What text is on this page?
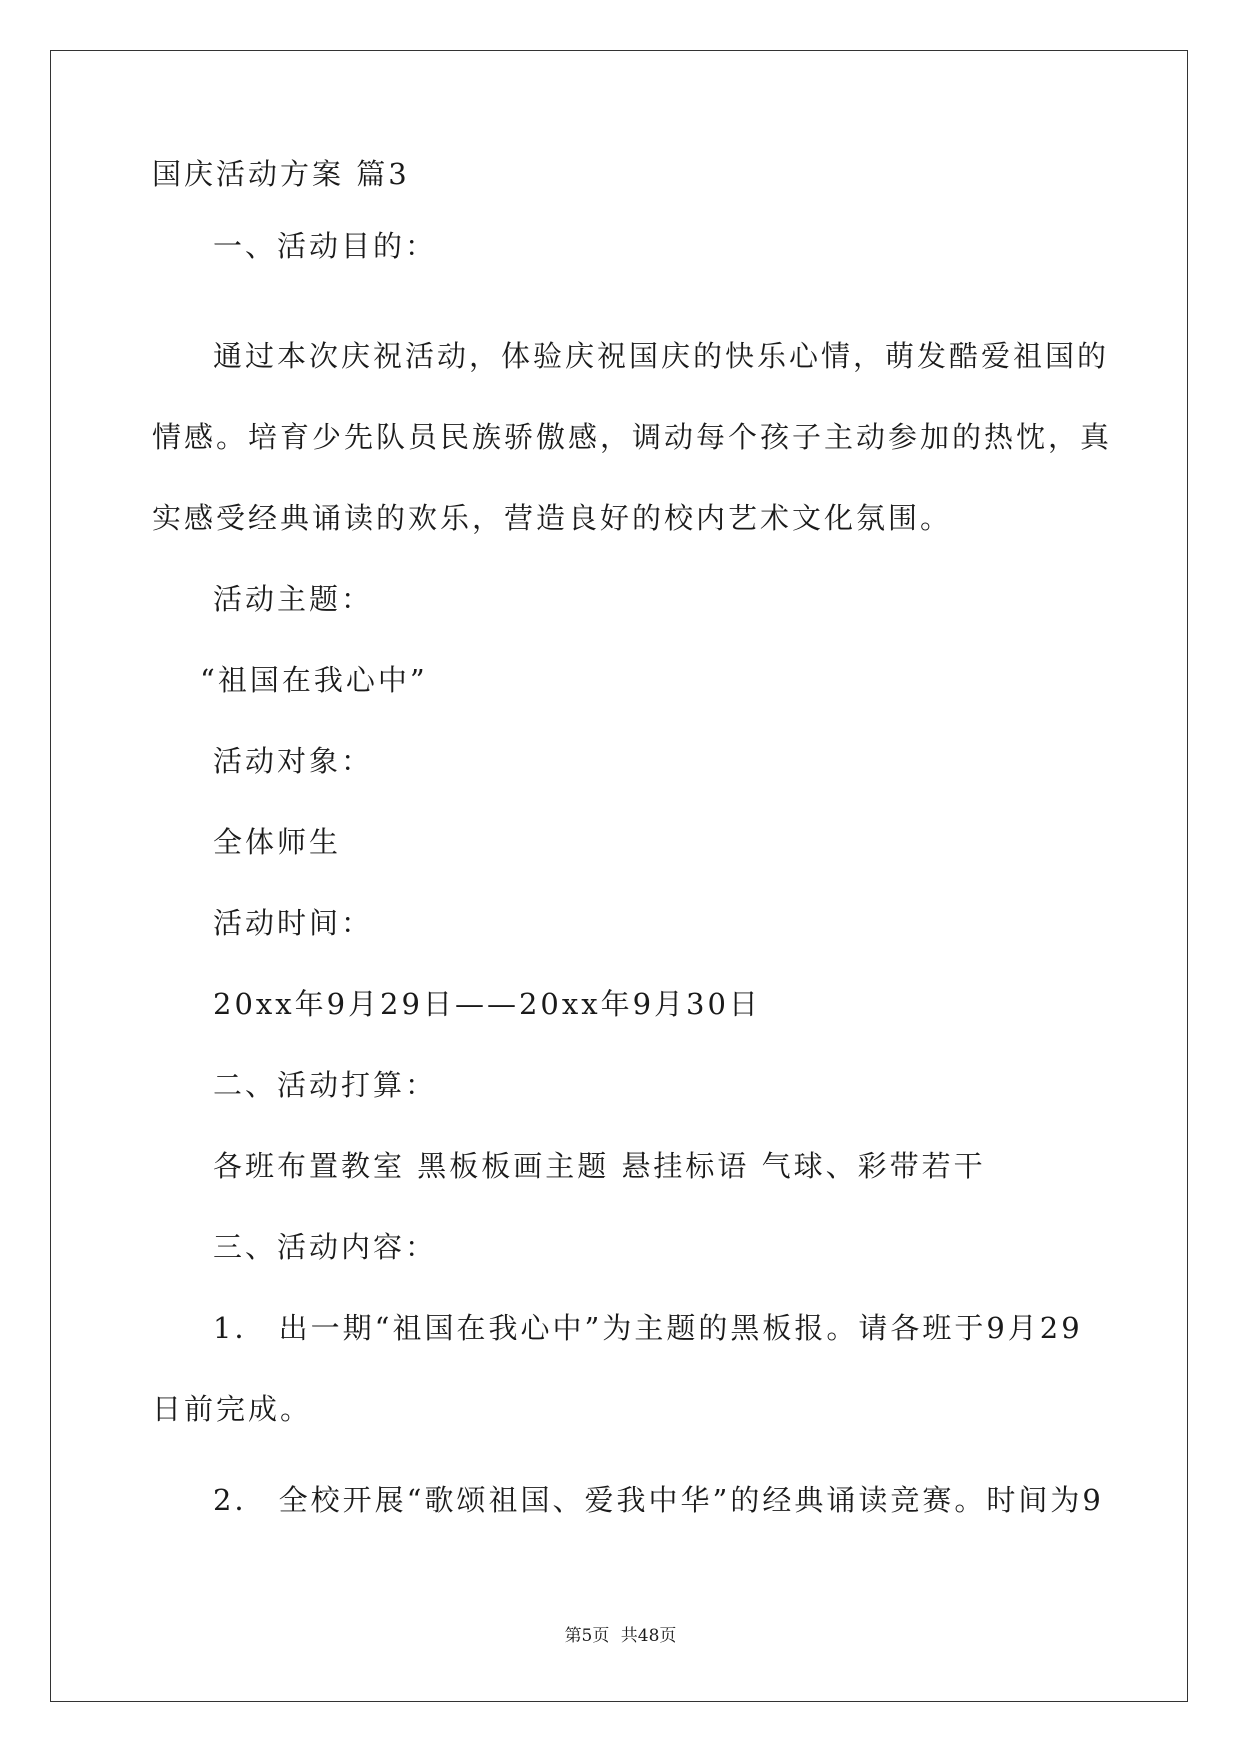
国庆活动方案 篇3
一、活动目的：
通过本次庆祝活动，体验庆祝国庆的快乐心情，萌发酷爱祖国的
情感。培育少先队员民族骄傲感，调动每个孩子主动参加的热忱，真
实感受经典诵读的欢乐，营造良好的校内艺术文化氛围。
活动主题：
“祖国在我心中”
活动对象：
全体师生
活动时间：
20xx年9月29日——20xx年9月30日
二、活动打算：
各班布置教室 黑板板画主题 悬挂标语 气球、彩带若干
三、活动内容：
1． 出一期“祖国在我心中”为主题的黑板报。请各班于9月29
日前完成。
2． 全校开展“歌颂祖国、爱我中华”的经典诵读竞赛。时间为9
第5页 共48页
